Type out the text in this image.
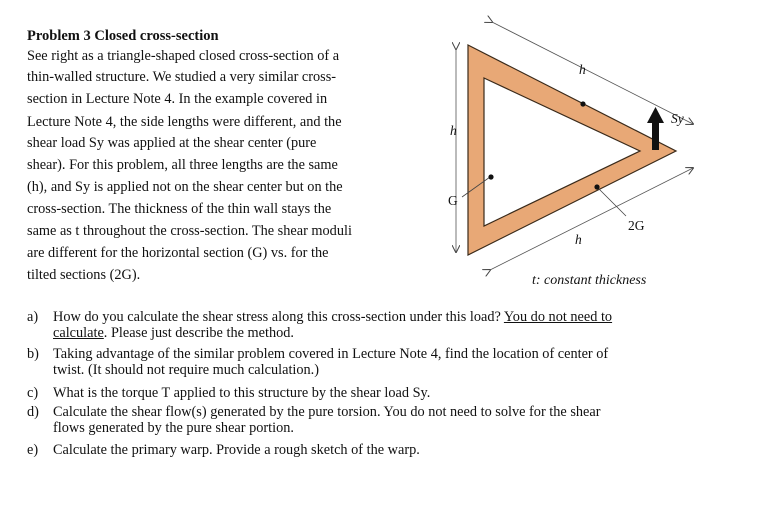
Problem 3 Closed cross-section
See right as a triangle-shaped closed cross-section of a
thin-walled structure. We studied a very similar cross-
section in Lecture Note 4. In the example covered in
Lecture Note 4, the side lengths were different, and the
shear load Sy was applied at the shear center (pure
shear). For this problem, all three lengths are the same
(h), and Sy is applied not on the shear center but on the
cross-section. The thickness of the thin wall stays the
same as t throughout the cross-section. The shear moduli
are different for the horizontal section (G) vs. for the
tilted sections (2G).
h
h
h
G
2G
Sy
t: constant thickness
a) How do you calculate the shear stress along this cross-section under this load? You do not need to
calculate. Please just describe the method.
b) Taking advantage of the similar problem covered in Lecture Note 4, find the location of center of
twist. (It should not require much calculation.)
c) What is the torque T applied to this structure by the shear load Sy.
d) Calculate the shear flow(s) generated by the pure torsion. You do not need to solve for the shear
flows generated by the pure shear portion.
e) Calculate the primary warp. Provide a rough sketch of the warp.
